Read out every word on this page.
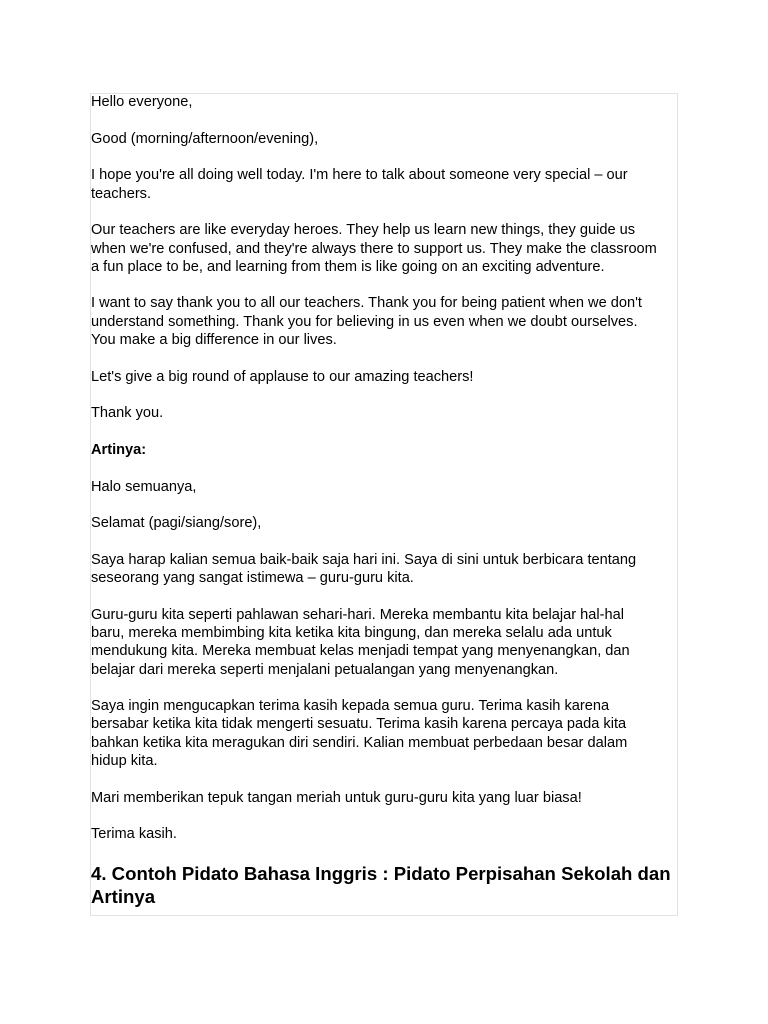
Hello everyone,

Good (morning/afternoon/evening),

I hope you're all doing well today. I'm here to talk about someone very special – our
teachers.

Our teachers are like everyday heroes. They help us learn new things, they guide us
when we're confused, and they're always there to support us. They make the classroom
a fun place to be, and learning from them is like going on an exciting adventure.

I want to say thank you to all our teachers. Thank you for being patient when we don't
understand something. Thank you for believing in us even when we doubt ourselves.
You make a big difference in our lives.

Let's give a big round of applause to our amazing teachers!

Thank you.

Artinya:

Halo semuanya,

Selamat (pagi/siang/sore),

Saya harap kalian semua baik-baik saja hari ini. Saya di sini untuk berbicara tentang
seseorang yang sangat istimewa – guru-guru kita.

Guru-guru kita seperti pahlawan sehari-hari. Mereka membantu kita belajar hal-hal
baru, mereka membimbing kita ketika kita bingung, dan mereka selalu ada untuk
mendukung kita. Mereka membuat kelas menjadi tempat yang menyenangkan, dan
belajar dari mereka seperti menjalani petualangan yang menyenangkan.

Saya ingin mengucapkan terima kasih kepada semua guru. Terima kasih karena
bersabar ketika kita tidak mengerti sesuatu. Terima kasih karena percaya pada kita
bahkan ketika kita meragukan diri sendiri. Kalian membuat perbedaan besar dalam
hidup kita.

Mari memberikan tepuk tangan meriah untuk guru-guru kita yang luar biasa!

Terima kasih.

4. Contoh Pidato Bahasa Inggris : Pidato Perpisahan Sekolah dan Artinya
